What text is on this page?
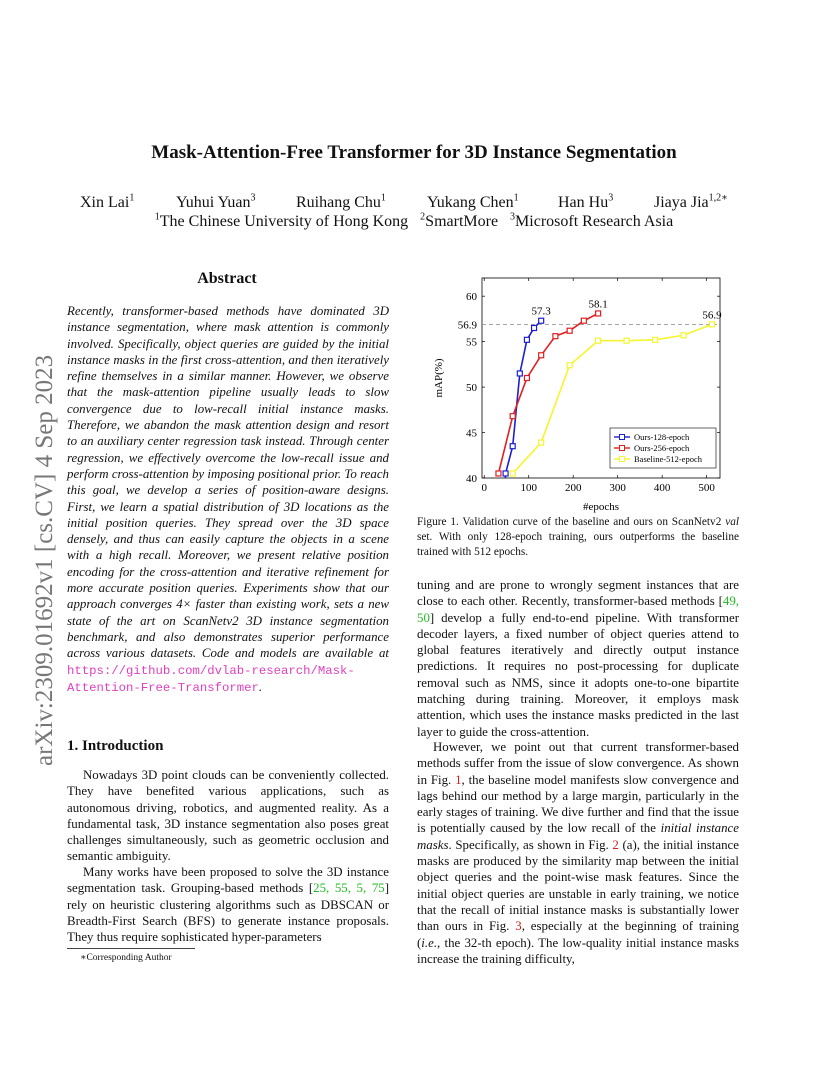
arXiv:2309.01692v1 [cs.CV] 4 Sep 2023
Mask-Attention-Free Transformer for 3D Instance Segmentation
Xin Lai$^1$	Yuhui Yuan$^3$	Ruihang Chu$^1$	Yukang Chen$^1$ Han Hu$^3$	Jiaya Jia$^{1,2∗}$
$^1$The Chinese University of Hong Kong $^2$SmartMore $^3$Microsoft Research Asia
Abstract
Recently, transformer-based methods have dominated 3D instance segmentation, where mask attention is commonly involved. Specifically, object queries are guided by the initial instance masks in the first cross-attention, and then iteratively refine themselves in a similar manner. However, we observe that the mask-attention pipeline usually leads to slow convergence due to low-recall initial instance masks. Therefore, we abandon the mask attention design and resort to an auxiliary center regression task instead. Through center regression, we effectively overcome the low-recall issue and perform cross-attention by imposing positional prior. To reach this goal, we develop a series of position-aware designs. First, we learn a spatial distribution of 3D locations as the initial position queries. They spread over the 3D space densely, and thus can easily capture the objects in a scene with a high recall. Moreover, we present relative position encoding for the cross-attention and iterative refinement for more accurate position queries. Experiments show that our approach converges 4× faster than existing work, sets a new state of the art on ScanNetv2 3D instance segmentation benchmark, and also demonstrates superior performance across various datasets. Code and models are available at https://github.com/dvlab-research/Mask-Attention-Free-Transformer.
1. Introduction
Nowadays 3D point clouds can be conveniently collected. They have benefited various applications, such as autonomous driving, robotics, and augmented reality. As a fundamental task, 3D instance segmentation also poses great challenges simultaneously, such as geometric occlusion and semantic ambiguity.
Many works have been proposed to solve the 3D instance segmentation task. Grouping-based methods [25, 55, 5, 75] rely on heuristic clustering algorithms such as DBSCAN or Breadth-First Search (BFS) to generate instance proposals. They thus require sophisticated hyper-parameters
∗Corresponding Author
0	100	200	300	400	500
40
45
50
55
60
56.9
#epochs
mAP(%)
57.3
58.1
56.9
Ours-128-epoch
Ours-256-epoch
Baseline-512-epoch
Figure 1. Validation curve of the baseline and ours on ScanNetv2 val set. With only 128-epoch training, ours outperforms the baseline trained with 512 epochs.
tuning and are prone to wrongly segment instances that are close to each other. Recently, transformer-based methods [49, 50] develop a fully end-to-end pipeline. With transformer decoder layers, a fixed number of object queries attend to global features iteratively and directly output instance predictions. It requires no post-processing for duplicate removal such as NMS, since it adopts one-to-one bipartite matching during training. Moreover, it employs mask attention, which uses the instance masks predicted in the last layer to guide the cross-attention.
However, we point out that current transformer-based methods suffer from the issue of slow convergence. As shown in Fig. 1, the baseline model manifests slow convergence and lags behind our method by a large margin, particularly in the early stages of training. We dive further and find that the issue is potentially caused by the low recall of the initial instance masks. Specifically, as shown in Fig. 2 (a), the initial instance masks are produced by the similarity map between the initial object queries and the point-wise mask features. Since the initial object queries are unstable in early training, we notice that the recall of initial instance masks is substantially lower than ours in Fig. 3, especially at the beginning of training (i.e., the 32-th epoch). The low-quality initial instance masks increase the training difficulty,
